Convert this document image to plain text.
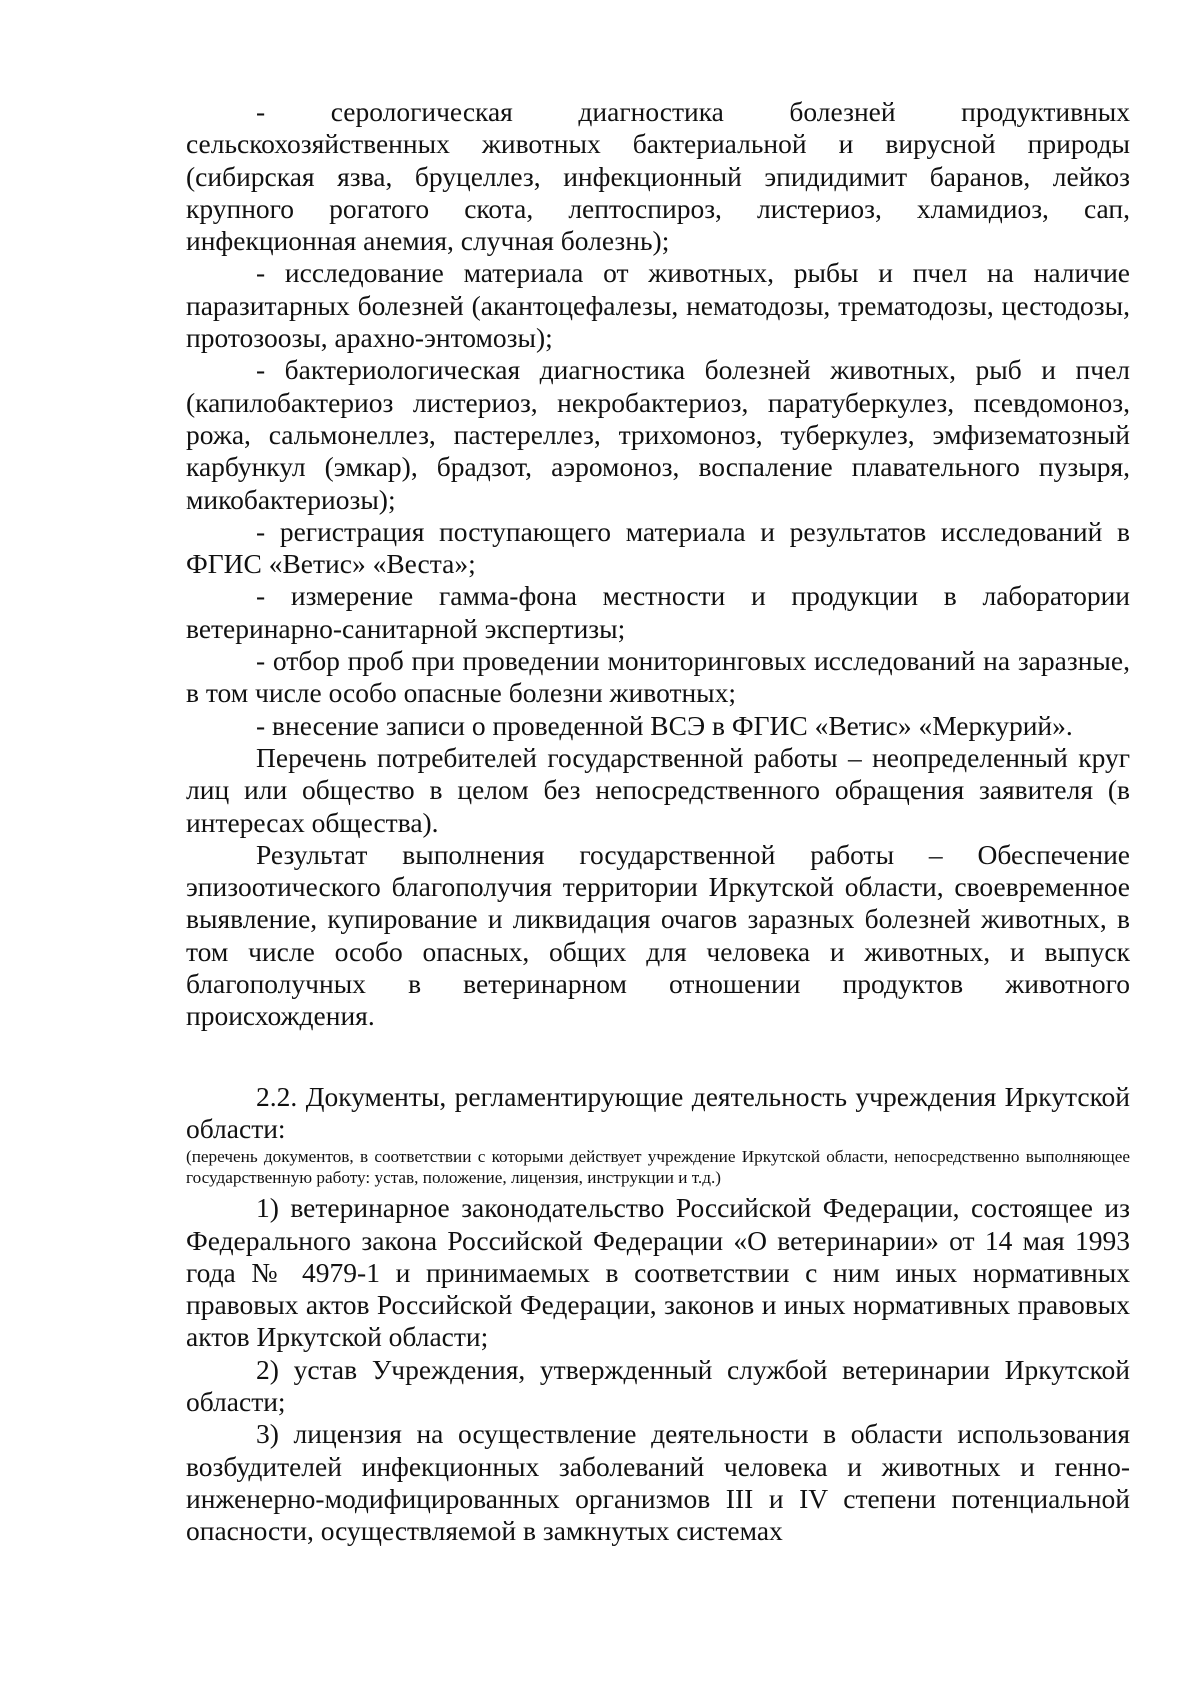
- серологическая диагностика болезней продуктивных сельскохозяйственных животных бактериальной и вирусной природы (сибирская язва, бруцеллез, инфекционный эпидидимит баранов, лейкоз крупного рогатого скота, лептоспироз, листериоз, хламидиоз, сап, инфекционная анемия, случная болезнь);

- исследование материала от животных, рыбы и пчел на наличие паразитарных болезней (акантоцефалезы, нематодозы, трематодозы, цестодозы, протозоозы, арахно-энтомозы);

- бактериологическая диагностика болезней животных, рыб и пчел (капилобактериоз листериоз, некробактериоз, паратуберкулез, псевдомоноз, рожа, сальмонеллез, пастереллез, трихомоноз, туберкулез, эмфизематозный карбункул (эмкар), брадзот, аэромоноз, воспаление плавательного пузыря, микобактериозы);

- регистрация поступающего материала и результатов исследований в ФГИС «Ветис» «Веста»;

- измерение гамма-фона местности и продукции в лаборатории ветеринарно-санитарной экспертизы;

- отбор проб при проведении мониторинговых исследований на заразные, в том числе особо опасные болезни животных;

- внесение записи о проведенной ВСЭ в ФГИС «Ветис» «Меркурий».

Перечень потребителей государственной работы – неопределенный круг лиц или общество в целом без непосредственного обращения заявителя (в интересах общества).

Результат выполнения государственной работы – Обеспечение эпизоотического благополучия территории Иркутской области, своевременное выявление, купирование и ликвидация очагов заразных болезней животных, в том числе особо опасных, общих для человека и животных, и выпуск благополучных в ветеринарном отношении продуктов животного происхождения.

2.2. Документы, регламентирующие деятельность учреждения Иркутской области:

(перечень документов, в соответствии с которыми действует учреждение Иркутской области, непосредственно выполняющее государственную работу: устав, положение, лицензия, инструкции и т.д.)

1) ветеринарное законодательство Российской Федерации, состоящее из Федерального закона Российской Федерации «О ветеринарии» от 14 мая 1993 года № 4979-1 и принимаемых в соответствии с ним иных нормативных правовых актов Российской Федерации, законов и иных нормативных правовых актов Иркутской области;

2) устав Учреждения, утвержденный службой ветеринарии Иркутской области;

3) лицензия на осуществление деятельности в области использования возбудителей инфекционных заболеваний человека и животных и генно-инженерно-модифицированных организмов III и IV степени потенциальной опасности, осуществляемой в замкнутых системах
